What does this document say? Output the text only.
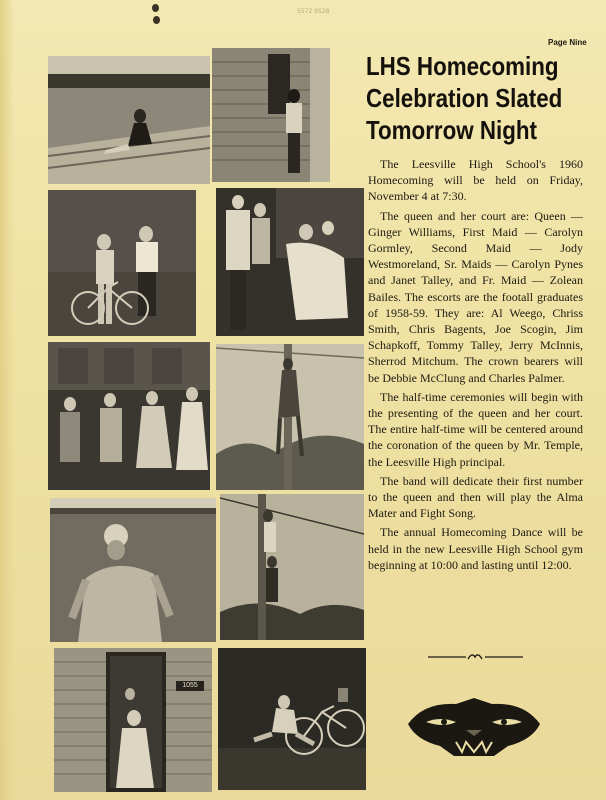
5572 9528
Page Nine
1055
LHS Homecoming
Celebration Slated
Tomorrow Night

The Leesville High School's 1960 Homecoming will be held on Friday, November 4 at 7:30.

The queen and her court are: Queen — Ginger Williams, First Maid — Carolyn Gormley, Second Maid — Jody Westmoreland, Sr. Maids — Carolyn Pynes and Janet Talley, and Fr. Maid — Zolean Bailes. The escorts are the footall graduates of 1958-59. They are: Al Weego, Chriss Smith, Chris Bagents, Joe Scogin, Jim Schapkoff, Tommy Talley, Jerry McInnis, Sherrod Mitchum. The crown bearers will be Debbie McClung and Charles Palmer.

The half-time ceremonies will begin with the presenting of the queen and her court. The entire half-time will be centered around the coronation of the queen by Mr. Temple, the Leesville High principal.

The band will dedicate their first number to the queen and then will play the Alma Mater and Fight Song.

The annual Homecoming Dance will be held in the new Leesville High School gym beginning at 10:00 and lasting until 12:00.
